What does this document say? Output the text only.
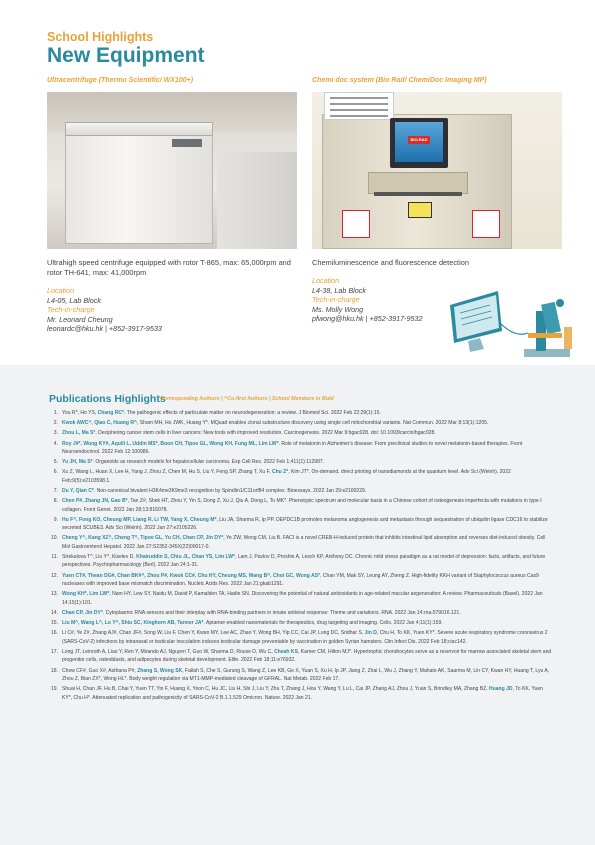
School Highlights
New Equipment
Ultracentrifuge (Thermo Scientific/ WX100+)
Ultrahigh speed centrifuge equipped with rotor T-865, max: 65,000rpm and rotor TH-641, max: 41,000rpm
Location
L4-05, Lab Block
Tech-in-charge
Mr. Leonard Cheung
leonardc@hku.hk | +852-3917-9533
Chemi doc system (Bio Rad/ ChemiDoc Imaging MP)
BIO-RAD
Chemiluminescence and fluorescence detection
Location
L4-38, Lab Block
Tech-in-charge
Ms. Molly Wong
pfwong@hku.hk | +852-3917-9532
Publications Highlights
*Corresponding Authors | ^Co-first Authors | School Members in Bold
1. You R*, Ho YS, Chang RC*. The pathogenic effects of particulate matter on neurodegeneration: a review. J Biomed Sci. 2022 Feb 22;29(1):15.
2. Kwok AWC^, Qiao C, Huang R^, Sham MH, Ho JWK, Huang Y*. MQuad enables clonal substructure discovery using single cell mitochondrial variants. Nat Commun. 2022 Mar 8;13(1):1205.
3. Zhou L, Ma S*. Deciphering cancer stem cells in liver cancers: New tools with improved resolution. Carcinogenesis. 2022 Mar 9:bgac028. doi: 10.1093/carcin/bgac028.
4. Roy J#*, Wong KY#, Aquili L, Uddin MS*, Boon CH, Tipoe GL, Wong KH, Fung ML, Lim LW*. Role of melatonin in Alzheimer's disease: From preclinical studies to novel melatonin-based therapies. Front Neuroendocrinol. 2022 Feb 12:100986.
5. Yu JH, Ma S*. Organoids as research models for hepatocellular carcinoma. Exp Cell Res. 2022 Feb 1;411(1):112987.
6. Xu Z, Wang L, Huan X, Lee H, Yang J, Zhou Z, Chen M, Hu S, Liu Y, Feng SP, Zhang T, Xu F, Chu Z*, Kim JT*. On-demand, direct printing of nanodiamonds at the quantum level. Adv Sci (Weinh). 2022 Feb;9(5):e2103598.1.
7. Du Y, Qian C*. Non-canonical bivalent H3K4me3K9me3 recognition by Spindlin1/C11orf84 complex. Bioessays. 2022 Jan 29:e2100229.
8. Chen P#, Zhang JN, Gao B*, Tan Z#, Shek HT, Zhou Y, Yin S, Dong Z, Xu J, Qiu A, Dong L, To MK*. Phenotypic spectrum and molecular basis in a Chinese cohort of osteogenesis imperfecta with mutations in type I collagen. Front Genet. 2022 Jan 28;13:816078.
9. Hu F^, Fong KO, Cheung MP, Liang R, Li TW, Yang X, Cheung M*, Liu JA, Sharma R, Ip PP. DEPDC1B promotes melanoma angiogenesis and metastasis through sequestration of ubiquitin ligase CDC16 to stabilize secreted SCUBE3. Adv Sci (Weinh). 2022 Jan 27:e2105226.
10. Cheng Y^, Kang XZ^, Cheng T^, Tipoe GL, Yu CH, Chan CP, Jin DY*, Ye ZW, Wong CM, Liu B. FACI is a novel CREB-H-induced protein that inhibits intestinal lipid absorption and reverses diet-induced obesity. Cell Mol Gastroenterol Hepatol. 2022 Jan 27:S2352-345X(22)00017-0.
11. Strekalova T^, Liu Y^, Kiselev D, Khairuddin S, Chiu JL, Chan YS, Lim LW*, Lam J, Pavlov D, Proshin A, Lesch KP, Anthony DC. Chronic mild stress paradigm as a rat model of depression: facts, artifacts, and future perspectives. Psychopharmacology (Berl). 2022 Jan 24:1-31.
12. Yuen CT#, Thean DG#, Chan BK#^, Zhou P#, Kwok CC#, Chu HY, Cheung MS, Wang B^, Choi GC, Wong AS*, Chan YM, Mak SY, Leung AY, Zheng Z. High-fidelity KKH variant of Staphylococcus aureus Cas9 nucleases with improved base mismatch discrimination. Nucleic Acids Res. 2022 Jan 21:gkab1291.
13. Wong KH*, Lim LW*, Nam HY, Lew SY, Naidu M, David P, Kamalden TA, Hadie SN. Discovering the potential of natural antioxidants in age-related macular aegeneration: A review. Pharmaceuticals (Basel). 2022 Jan 14;15(1):101.
14. Chan CP, Jin DY*. Cytoplasmic RNA sensors and their interplay with RNA-binding partners in innate antiviral response: Theme and variations. RNA. 2022 Jan 14:rna.079016.121.
15. Liu M^, Wang L^, Lo Y^, Shiu SC, Kinghorn AB, Tanner JA*. Aptamer-enabled nanomaterials for therapeutics, drug targeting and imaging. Cells. 2022 Jan 4;11(1):159.
16. Li C#, Ye Z#, Zhang AJ#, Chan JF#, Song W, Liu F, Chen Y, Kwan MY, Lee AC, Zhao Y, Wong BH, Yip CC, Cai JP, Lung DC, Sridhar S, Jin D, Chu H, To KK, Yuen KY*. Severe acute respiratory syndrome coronavirus 2 (SARS-CoV-2) infections by intranasal or testicular inoculation induces testicular damage preventable by vaccination in golden Syrian hamsters. Clin Infect Dis. 2022 Feb 18;ciac142.
17. Long JT, Leinroth A, Liao Y, Ren Y, Mirando AJ, Nguyen T, Guo W, Sharma D, Rouse D, Wu C, Cheah KS, Karner CM, Hilton MJ*. Hypertrophic chondrocytes serve as a reservoir for marrow associated skeletal stem and progenitor cells, osteoblasts, and adipocytes during skeletal development. Elife. 2022 Feb 18;11:e76932.
18. Chow CF#, Guo X#, Asthana P#, Zhang S, Wong SK, Fallah S, Che S, Gurung S, Wang Z, Lee KB, Ge X, Yuan S, Xu H, Ip JP, Jiang Z, Zhai L, Wu J, Zhang Y, Mahato AK, Saarma M, Lin CY, Kwan HY, Huang T, Lyu A, Zhou Z, Bian ZX*, Wong HL*. Body weight regulation via MT1-MMP-mediated cleavage of GFRAL. Nat Metab. 2022 Feb 17.
19. Shuai H, Chan JF, Hu B, Chai Y, Yuen TT, Yin F, Huang X, Yoon C, Hu JC, Liu H, Shi J, Liu Y, Zhu T, Zhang J, Hou Y, Wang Y, Lu L, Cai JP, Zhang AJ, Zhou J, Yuan S, Brindley MA, Zhang BZ, Huang JD, To KK, Yuen KY*, Chu H*. Attenuated replication and pathogenicity of SARS-CoV-2 B.1.1.529 Omicron. Nature. 2022 Jan 21.
